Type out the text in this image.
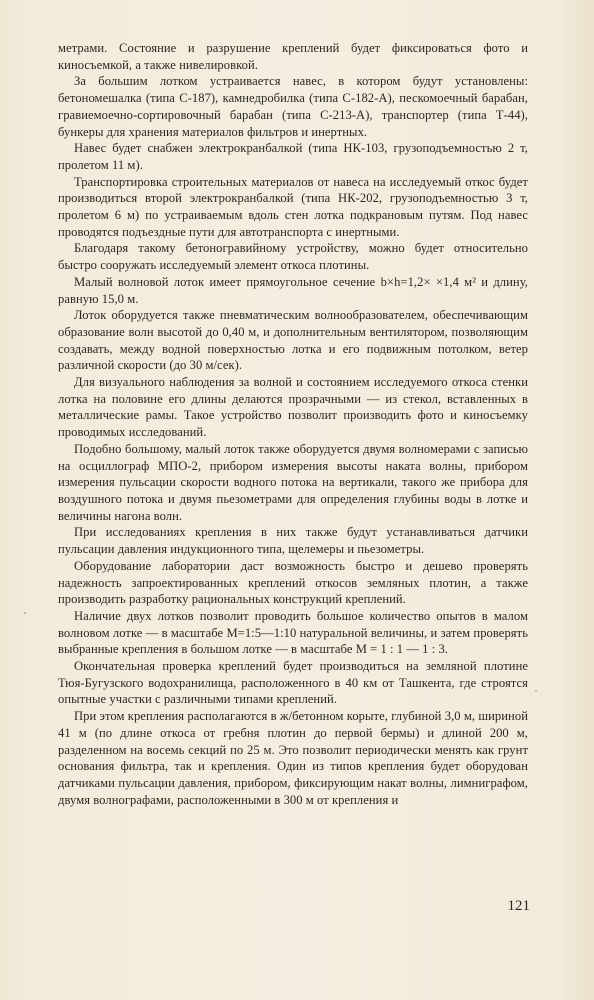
метрами. Состояние и разрушение креплений будет фиксироваться фото и киносъемкой, а также нивелировкой.

За большим лотком устраивается навес, в котором будут установлены: бетономешалка (типа С-187), камнедробилка (типа С-182-А), пескомоечный барабан, гравиемоечно-сортировочный барабан (типа С-213-А), транспортер (типа Т-44), бункеры для хранения материалов фильтров и инертных.

Навес будет снабжен электрокранбалкой (типа НК-103, грузоподъемностью 2 т, пролетом 11 м).

Транспортировка строительных материалов от навеса на исследуемый откос будет производиться второй электрокранбалкой (типа НК-202, грузоподъемностью 3 т, пролетом 6 м) по устраиваемым вдоль стен лотка подкрановым путям. Под навес проводятся подъездные пути для автотранспорта с инертными.

Благодаря такому бетоногравийному устройству, можно будет относительно быстро сооружать исследуемый элемент откоса плотины.

Малый волновой лоток имеет прямоугольное сечение b×h=1,2× ×1,4 м² и длину, равную 15,0 м.

Лоток оборудуется также пневматическим волнообразователем, обеспечивающим образование волн высотой до 0,40 м, и дополнительным вентилятором, позволяющим создавать, между водной поверхностью лотка и его подвижным потолком, ветер различной скорости (до 30 м/сек).

Для визуального наблюдения за волной и состоянием исследуемого откоса стенки лотка на половине его длины делаются прозрачными — из стекол, вставленных в металлические рамы. Такое устройство позволит производить фото и киносъемку проводимых исследований.

Подобно большому, малый лоток также оборудуется двумя волномерами с записью на осциллограф МПО-2, прибором измерения высоты наката волны, прибором измерения пульсации скорости водного потока на вертикали, такого же прибора для воздушного потока и двумя пьезометрами для определения глубины воды в лотке и величины нагона волн.

При исследованиях крепления в них также будут устанавливаться датчики пульсации давления индукционного типа, щелемеры и пьезометры.

Оборудование лаборатории даст возможность быстро и дешево проверять надежность запроектированных креплений откосов земляных плотин, а также производить разработку рациональных конструкций креплений.

Наличие двух лотков позволит проводить большое количество опытов в малом волновом лотке — в масштабе M=1:5—1:10 натуральной величины, и затем проверять выбранные крепления в большом лотке — в масштабе M = 1 : 1 — 1 : 3.

Окончательная проверка креплений будет производиться на земляной плотине Тюя-Бугузского водохранилища, расположенного в 40 км от Ташкента, где строятся опытные участки с различными типами креплений.

При этом крепления располагаются в ж/бетонном корыте, глубиной 3,0 м, шириной 41 м (по длине откоса от гребня плотин до первой бермы) и длиной 200 м, разделенном на восемь секций по 25 м. Это позволит периодически менять как грунт основания фильтра, так и крепления. Один из типов крепления будет оборудован датчиками пульсации давления, прибором, фиксирующим накат волны, лимниграфом, двумя волнографами, расположенными в 300 м от крепления и

121
